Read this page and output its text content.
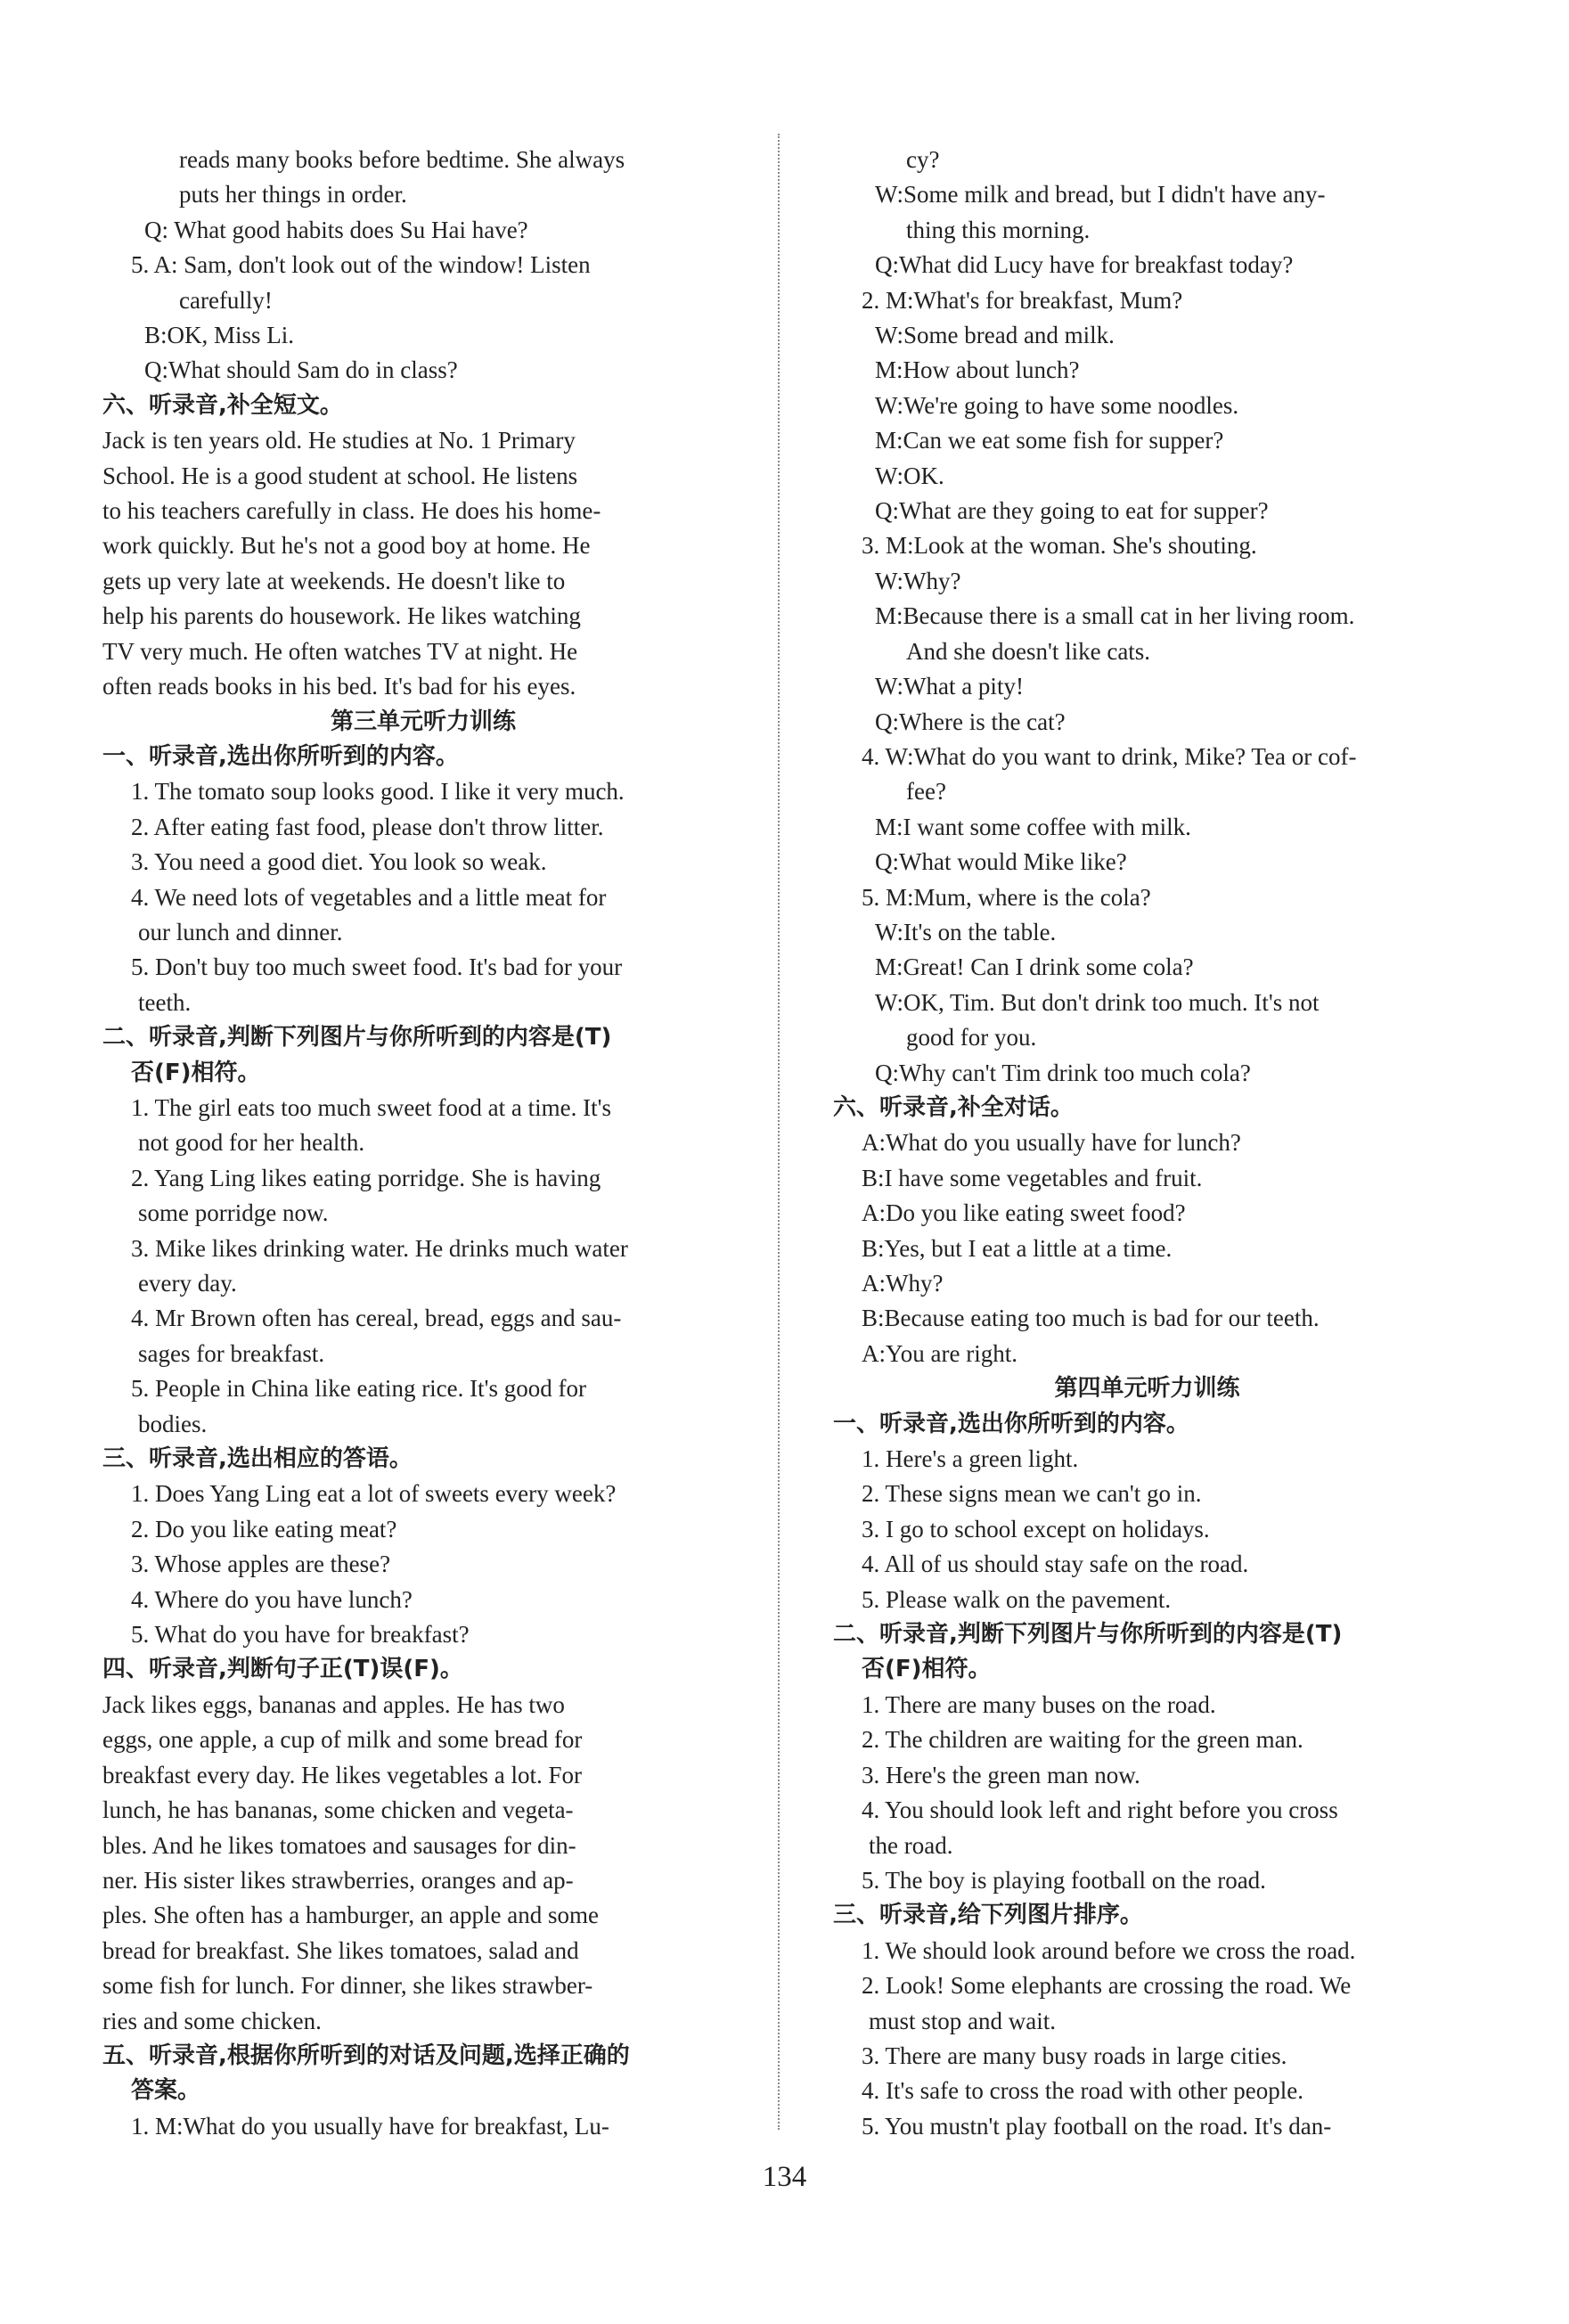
reads many books before bedtime. She always
puts her things in order.
Q: What good habits does Su Hai have?
5. A: Sam, don't look out of the window! Listen
carefully!
B:OK, Miss Li.
Q:What should Sam do in class?
六、听录音,补全短文。
Jack is ten years old. He studies at No. 1 Primary
School. He is a good student at school. He listens
to his teachers carefully in class. He does his home-
work quickly. But he's not a good boy at home. He
gets up very late at weekends. He doesn't like to
help his parents do housework. He likes watching
TV very much. He often watches TV at night. He
often reads books in his bed. It's bad for his eyes.
第三单元听力训练
一、听录音,选出你所听到的内容。
1. The tomato soup looks good. I like it very much.
2. After eating fast food, please don't throw litter.
3. You need a good diet. You look so weak.
4. We need lots of vegetables and a little meat for
our lunch and dinner.
5. Don't buy too much sweet food. It's bad for your
teeth.
二、听录音,判断下列图片与你所听到的内容是(T)
否(F)相符。
1. The girl eats too much sweet food at a time. It's
not good for her health.
2. Yang Ling likes eating porridge. She is having
some porridge now.
3. Mike likes drinking water. He drinks much water
every day.
4. Mr Brown often has cereal, bread, eggs and sau-
sages for breakfast.
5. People in China like eating rice. It's good for
bodies.
三、听录音,选出相应的答语。
1. Does Yang Ling eat a lot of sweets every week?
2. Do you like eating meat?
3. Whose apples are these?
4. Where do you have lunch?
5. What do you have for breakfast?
四、听录音,判断句子正(T)误(F)。
Jack likes eggs, bananas and apples. He has two
eggs, one apple, a cup of milk and some bread for
breakfast every day. He likes vegetables a lot. For
lunch, he has bananas, some chicken and vegeta-
bles. And he likes tomatoes and sausages for din-
ner. His sister likes strawberries, oranges and ap-
ples. She often has a hamburger, an apple and some
bread for breakfast. She likes tomatoes, salad and
some fish for lunch. For dinner, she likes strawber-
ries and some chicken.
五、听录音,根据你所听到的对话及问题,选择正确的
答案。
1. M:What do you usually have for breakfast, Lu-
cy?
W:Some milk and bread, but I didn't have any-
thing this morning.
Q:What did Lucy have for breakfast today?
2. M:What's for breakfast, Mum?
W:Some bread and milk.
M:How about lunch?
W:We're going to have some noodles.
M:Can we eat some fish for supper?
W:OK.
Q:What are they going to eat for supper?
3. M:Look at the woman. She's shouting.
W:Why?
M:Because there is a small cat in her living room.
And she doesn't like cats.
W:What a pity!
Q:Where is the cat?
4. W:What do you want to drink, Mike? Tea or cof-
fee?
M:I want some coffee with milk.
Q:What would Mike like?
5. M:Mum, where is the cola?
W:It's on the table.
M:Great! Can I drink some cola?
W:OK, Tim. But don't drink too much. It's not
good for you.
Q:Why can't Tim drink too much cola?
六、听录音,补全对话。
A:What do you usually have for lunch?
B:I have some vegetables and fruit.
A:Do you like eating sweet food?
B:Yes, but I eat a little at a time.
A:Why?
B:Because eating too much is bad for our teeth.
A:You are right.
第四单元听力训练
一、听录音,选出你所听到的内容。
1. Here's a green light.
2. These signs mean we can't go in.
3. I go to school except on holidays.
4. All of us should stay safe on the road.
5. Please walk on the pavement.
二、听录音,判断下列图片与你所听到的内容是(T)
否(F)相符。
1. There are many buses on the road.
2. The children are waiting for the green man.
3. Here's the green man now.
4. You should look left and right before you cross
the road.
5. The boy is playing football on the road.
三、听录音,给下列图片排序。
1. We should look around before we cross the road.
2. Look! Some elephants are crossing the road. We
must stop and wait.
3. There are many busy roads in large cities.
4. It's safe to cross the road with other people.
5. You mustn't play football on the road. It's dan-
134
